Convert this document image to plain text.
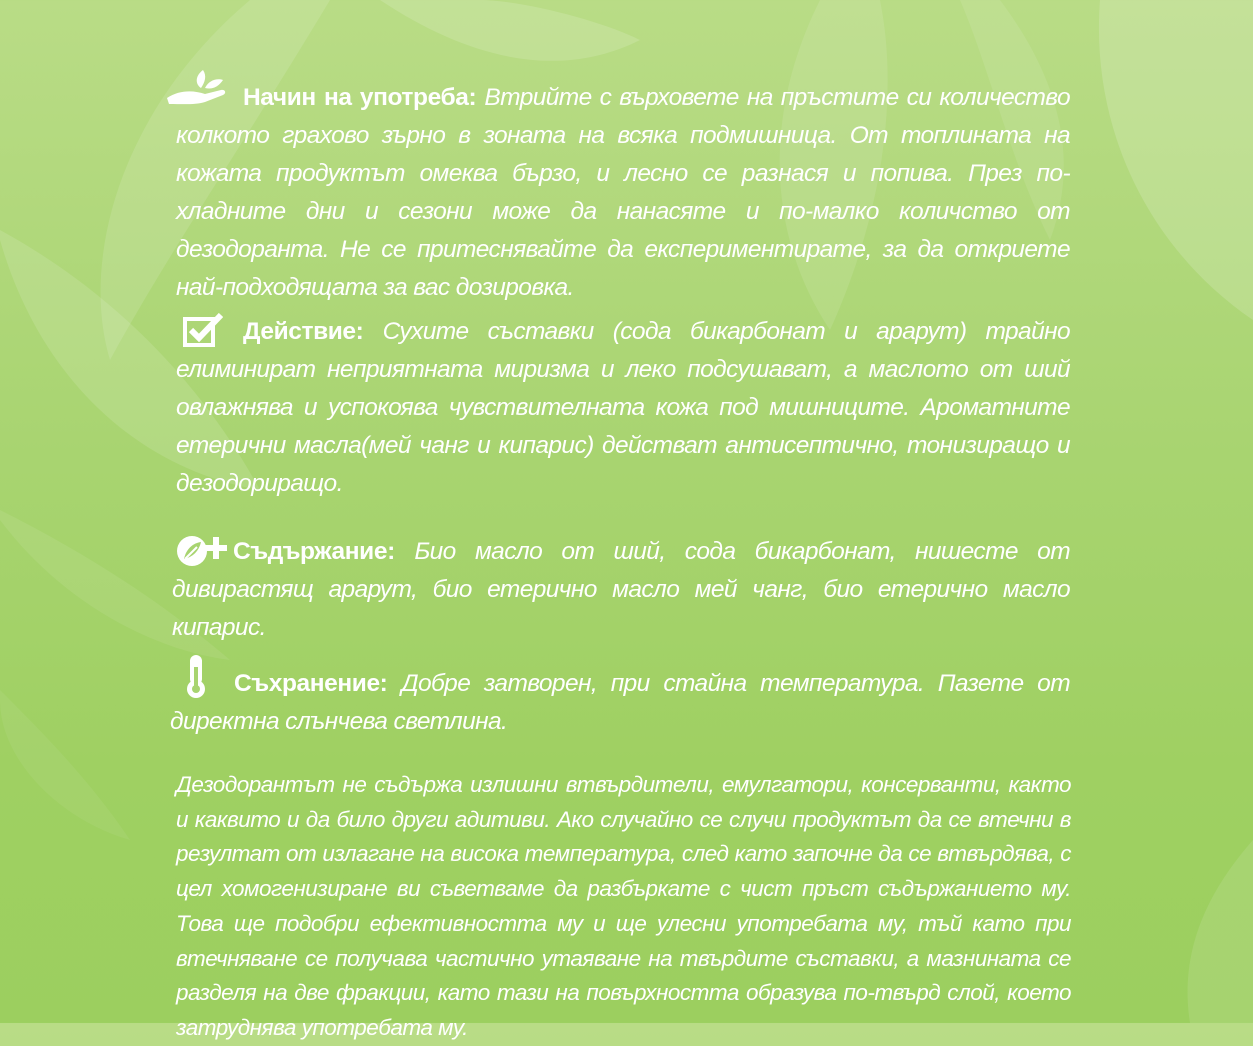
Начин на употреба: Втрийте с върховете на пръстите си количество колкото грахово зърно в зоната на всяка подмишница. От топлината на кожата продуктът омеква бързо, и лесно се разнася и попива. През по-хладните дни и сезони може да нанасяте и по-малко количство от дезодоранта. Не се притеснявайте да експериментирате, за да откриете най-подходящата за вас дозировка.
Действие: Сухите съставки (сода бикарбонат и арарут) трайно елиминират неприятната миризма и леко подсушават, а маслото от ший овлажнява и успокоява чувствителната кожа под мишниците. Ароматните етерични масла(мей чанг и кипарис) действат антисептично, тонизиращо и дезодориращо.
Съдържание: Био масло от ший, сода бикарбонат, нишесте от дивирастящ арарут, био етерично масло мей чанг, био етерично масло кипарис.
Съхранение: Добре затворен, при стайна температура. Пазете от директна слънчева светлина.
Дезодорантът не съдържа излишни втвърдители, емулгатори, консерванти, както и каквито и да било други адитиви. Ако случайно се случи продуктът да се втечни в резултат от излагане на висока температура, след като започне да се втвърдява, с цел хомогенизиране ви съветваме да разбъркате с чист пръст съдържанието му. Това ще подобри ефективността му и ще улесни употребата му, тъй като при втечняване се получава частично утаяване на твърдите съставки, а мазнината се разделя на две фракции, като тази на повърхността образува по-твърд слой, което затруднява употребата му.
